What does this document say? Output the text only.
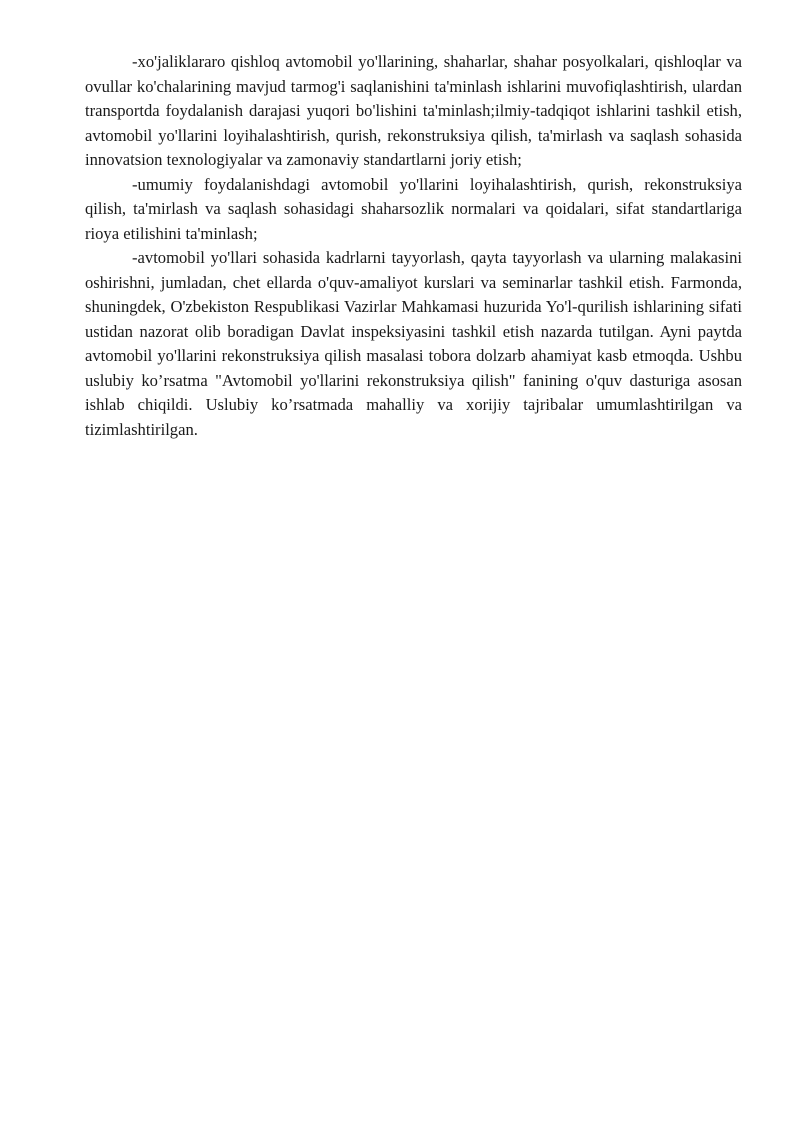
-xo'jaliklararo qishloq avtomobil yo'llarining, shaharlar, shahar posyolkalari, qishloqlar va ovullar ko'chalarining mavjud tarmog'i saqlanishini ta'minlash ishlarini muvofiqlashtirish, ulardan transportda foydalanish darajasi yuqori bo'lishini ta'minlash;ilmiy-tadqiqot ishlarini tashkil etish, avtomobil yo'llarini loyihalashtirish, qurish, rekonstruksiya qilish, ta'mirlash va saqlash sohasida innovatsion texnologiyalar va zamonaviy standartlarni joriy etish;

-umumiy foydalanishdagi avtomobil yo'llarini loyihalashtirish, qurish, rekonstruksiya qilish, ta'mirlash va saqlash sohasidagi shaharsozlik normalari va qoidalari, sifat standartlariga rioya etilishini ta'minlash;

-avtomobil yo'llari sohasida kadrlarni tayyorlash, qayta tayyorlash va ularning malakasini oshirishni, jumladan, chet ellarda o'quv-amaliyot kurslari va seminarlar tashkil etish. Farmonda, shuningdek, O'zbekiston Respublikasi Vazirlar Mahkamasi huzurida Yo'l-qurilish ishlarining sifati ustidan nazorat olib boradigan Davlat inspeksiyasini tashkil etish nazarda tutilgan. Ayni paytda avtomobil yo'llarini rekonstruksiya qilish masalasi tobora dolzarb ahamiyat kasb etmoqda. Ushbu uslubiy ko’rsatma "Avtomobil yo'llarini rekonstruksiya qilish" fanining o'quv dasturiga asosan ishlab chiqildi. Uslubiy ko’rsatmada mahalliy va xorijiy tajribalar umumlashtirilgan va tizimlashtirilgan.
